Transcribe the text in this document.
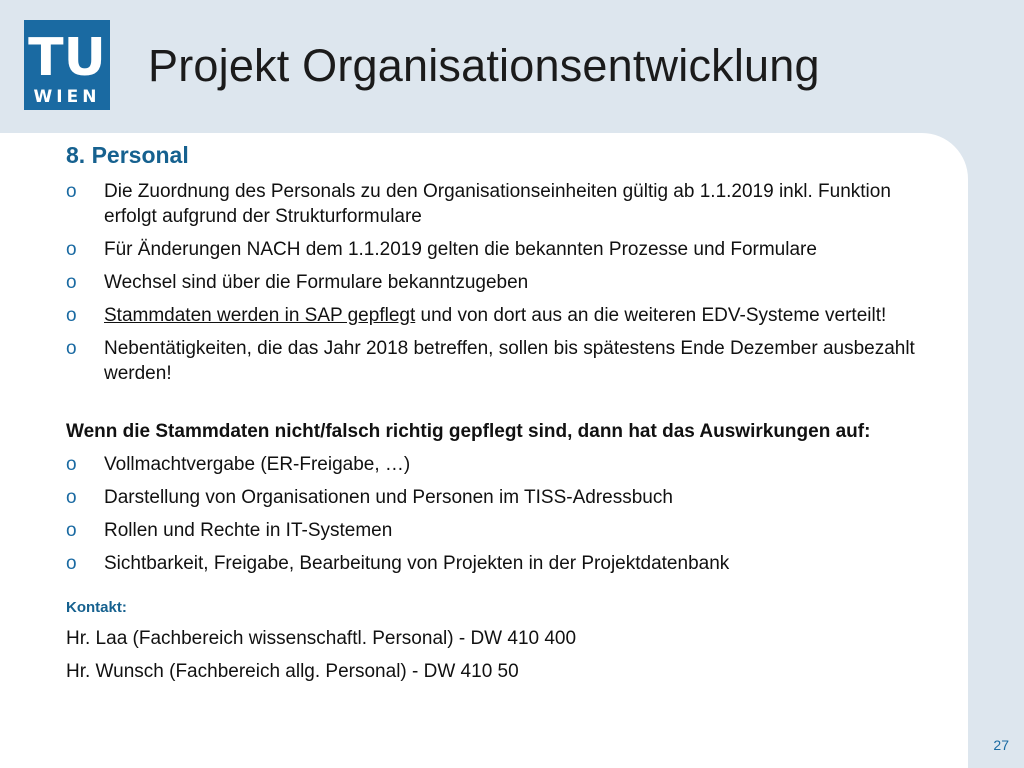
TU
WIEN
Projekt Organisationsentwicklung
8. Personal
o	Die Zuordnung des Personals zu den Organisationseinheiten gültig ab 1.1.2019 inkl. Funktion erfolgt aufgrund der Strukturformulare
o	Für Änderungen NACH dem 1.1.2019 gelten die bekannten Prozesse und Formulare
o	Wechsel sind über die Formulare bekanntzugeben
o	Stammdaten werden in SAP gepflegt und von dort aus an die weiteren EDV-Systeme verteilt!
o	Nebentätigkeiten, die das Jahr 2018 betreffen, sollen bis spätestens Ende Dezember ausbezahlt werden!
Wenn die Stammdaten nicht/falsch richtig gepflegt sind, dann hat das Auswirkungen auf:
o	Vollmachtvergabe (ER-Freigabe, …)
o	Darstellung von Organisationen und Personen im TISS-Adressbuch
o	Rollen und Rechte in IT-Systemen
o	Sichtbarkeit, Freigabe, Bearbeitung von Projekten in der Projektdatenbank
Kontakt:
Hr. Laa (Fachbereich wissenschaftl. Personal) - DW 410 400
Hr. Wunsch (Fachbereich allg. Personal) - DW 410 50
27
